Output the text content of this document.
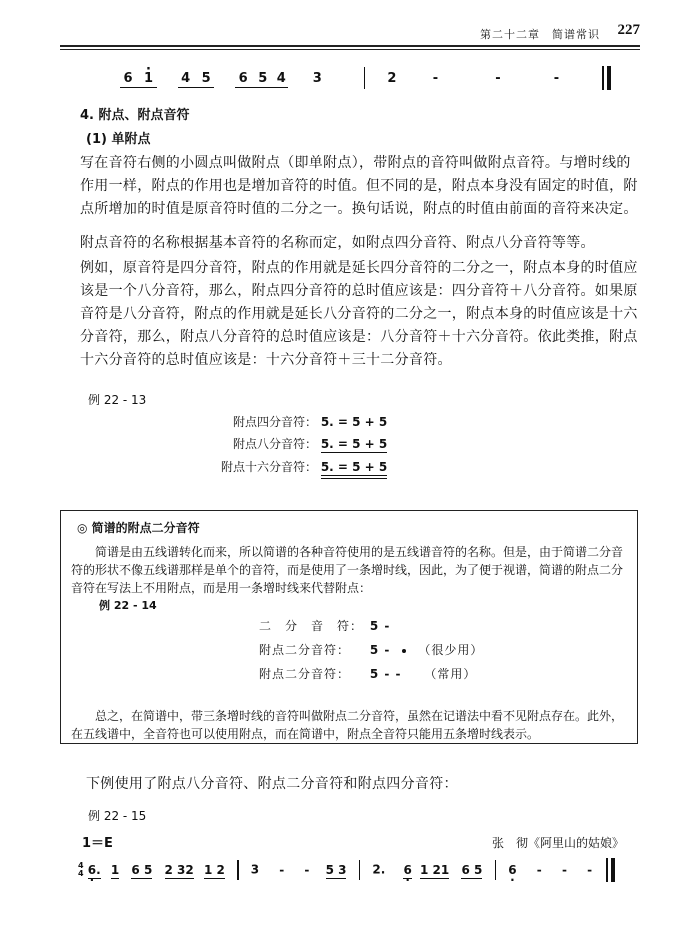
第二十二章　简谱常识 227
6 · 1 4 5 6 5 4 3	2	-	-	-
4. 附点、附点音符
(1) 单附点
写在音符右侧的小圆点叫做附点（即单附点），带附点的音符叫做附点音符。与增时线的作用一样，附点的作用也是增加音符的时值。但不同的是，附点本身没有固定的时值，附点所增加的时值是原音符时值的二分之一。换句话说，附点的时值由前面的音符来决定。
附点音符的名称根据基本音符的名称而定，如附点四分音符、附点八分音符等等。
例如，原音符是四分音符，附点的作用就是延长四分音符的二分之一，附点本身的时值应该是一个八分音符，那么，附点四分音符的总时值应该是：四分音符＋八分音符。如果原音符是八分音符，附点的作用就是延长八分音符的二分之一，附点本身的时值应该是十六分音符，那么，附点八分音符的总时值应该是：八分音符＋十六分音符。依此类推，附点十六分音符的总时值应该是：十六分音符＋三十二分音符。
例 22 - 13
附点四分音符： 5. = 5 + 5
附点八分音符： 5. = 5 + 5
附点十六分音符： 5. = 5 + 5
◎ 简谱的附点二分音符
简谱是由五线谱转化而来，所以简谱的各种音符使用的是五线谱音符的名称。但是，由于简谱二分音符的形状不像五线谱那样是单个的音符，而是使用了一条增时线，因此，为了便于视谱，简谱的附点二分音符在写法上不用附点，而是用一条增时线来代替附点：
例 22 - 14
二　分　音　符： 5 -
附点二分音符： 5 -  （很少用）
附点二分音符： 5 - - （常用）
总之，在简谱中，带三条增时线的音符叫做附点二分音符，虽然在记谱法中看不见附点存在。此外，在五线谱中，全音符也可以使用附点，而在简谱中，附点全音符只能用五条增时线表示。
下例使用了附点八分音符、附点二分音符和附点四分音符：
例 22 - 15
1＝E	张　彻《阿里山的姑娘》
4
4 6 ·. 1 6 5 2 32 1 2 3 - - 5 3 2. 6 · 1 21 6 5 6 · - - -
